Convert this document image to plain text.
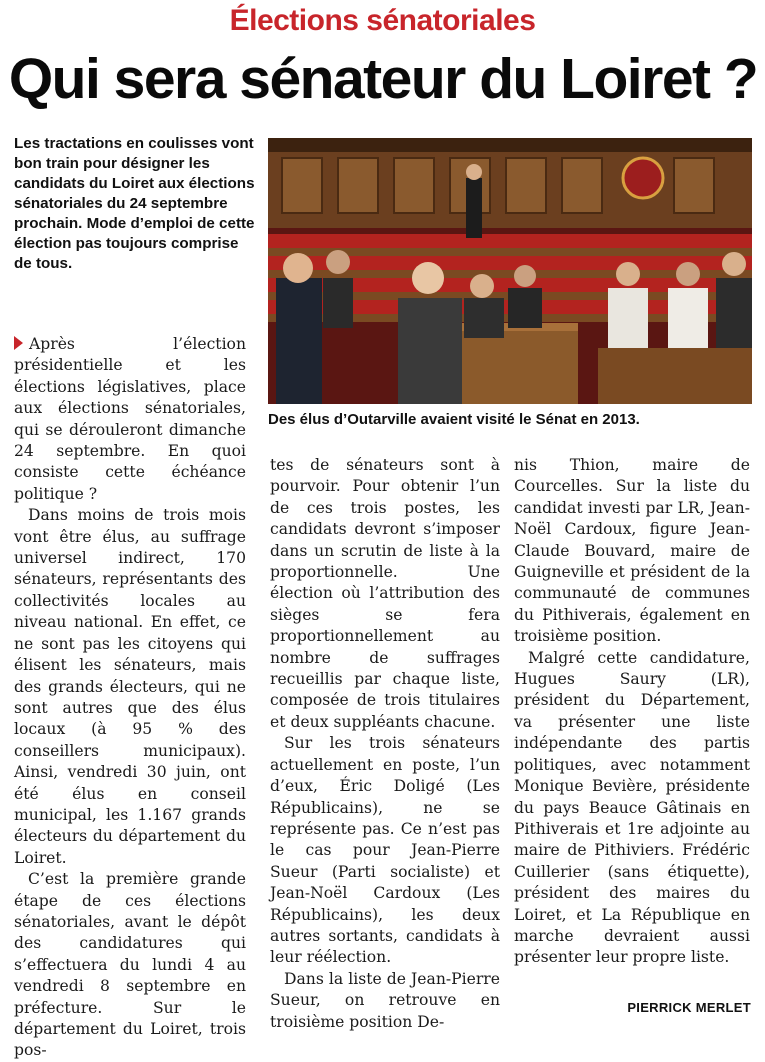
Élections sénatoriales
Qui sera sénateur du Loiret ?

Les tractations en coulisses vont bon train pour désigner les candidats du Loiret aux élections sénatoriales du 24 septembre prochain. Mode d’emploi de cette élection pas toujours comprise de tous.

Des élus d’Outarville avaient visité le Sénat en 2013.

Après l’élection présidentielle et les élections législatives, place aux élections sénatoriales, qui se dérouleront dimanche 24 septembre. En quoi consiste cette échéance politique ?

Dans moins de trois mois vont être élus, au suffrage universel indirect, 170 sénateurs, représentants des collectivités locales au niveau national. En effet, ce ne sont pas les citoyens qui élisent les sénateurs, mais des grands électeurs, qui ne sont autres que des élus locaux (à 95 % des conseillers municipaux). Ainsi, vendredi 30 juin, ont été élus en conseil municipal, les 1.167 grands électeurs du département du Loiret.

C’est la première grande étape de ces élections sénatoriales, avant le dépôt des candidatures qui s’effectuera du lundi 4 au vendredi 8 septembre en préfecture. Sur le département du Loiret, trois pos-

tes de sénateurs sont à pourvoir. Pour obtenir l’un de ces trois postes, les candidats devront s’imposer dans un scrutin de liste à la proportionnelle. Une élection où l’attribution des sièges se fera proportionnellement au nombre de suffrages recueillis par chaque liste, composée de trois titulaires et deux suppléants chacune.

Sur les trois sénateurs actuellement en poste, l’un d’eux, Éric Doligé (Les Républicains), ne se représente pas. Ce n’est pas le cas pour Jean-Pierre Sueur (Parti socialiste) et Jean-Noël Cardoux (Les Républicains), les deux autres sortants, candidats à leur réélection.

Dans la liste de Jean-Pierre Sueur, on retrouve en troisième position De-

nis Thion, maire de Courcelles. Sur la liste du candidat investi par LR, Jean-Noël Cardoux, figure Jean-Claude Bouvard, maire de Guigneville et président de la communauté de communes du Pithiverais, également en troisième position.

Malgré cette candidature, Hugues Saury (LR), président du Département, va présenter une liste indépendante des partis politiques, avec notamment Monique Bevière, présidente du pays Beauce Gâtinais en Pithiverais et 1re adjointe au maire de Pithiviers. Frédéric Cuillerier (sans étiquette), président des maires du Loiret, et La République en marche devraient aussi présenter leur propre liste.

PIERRICK MERLET
